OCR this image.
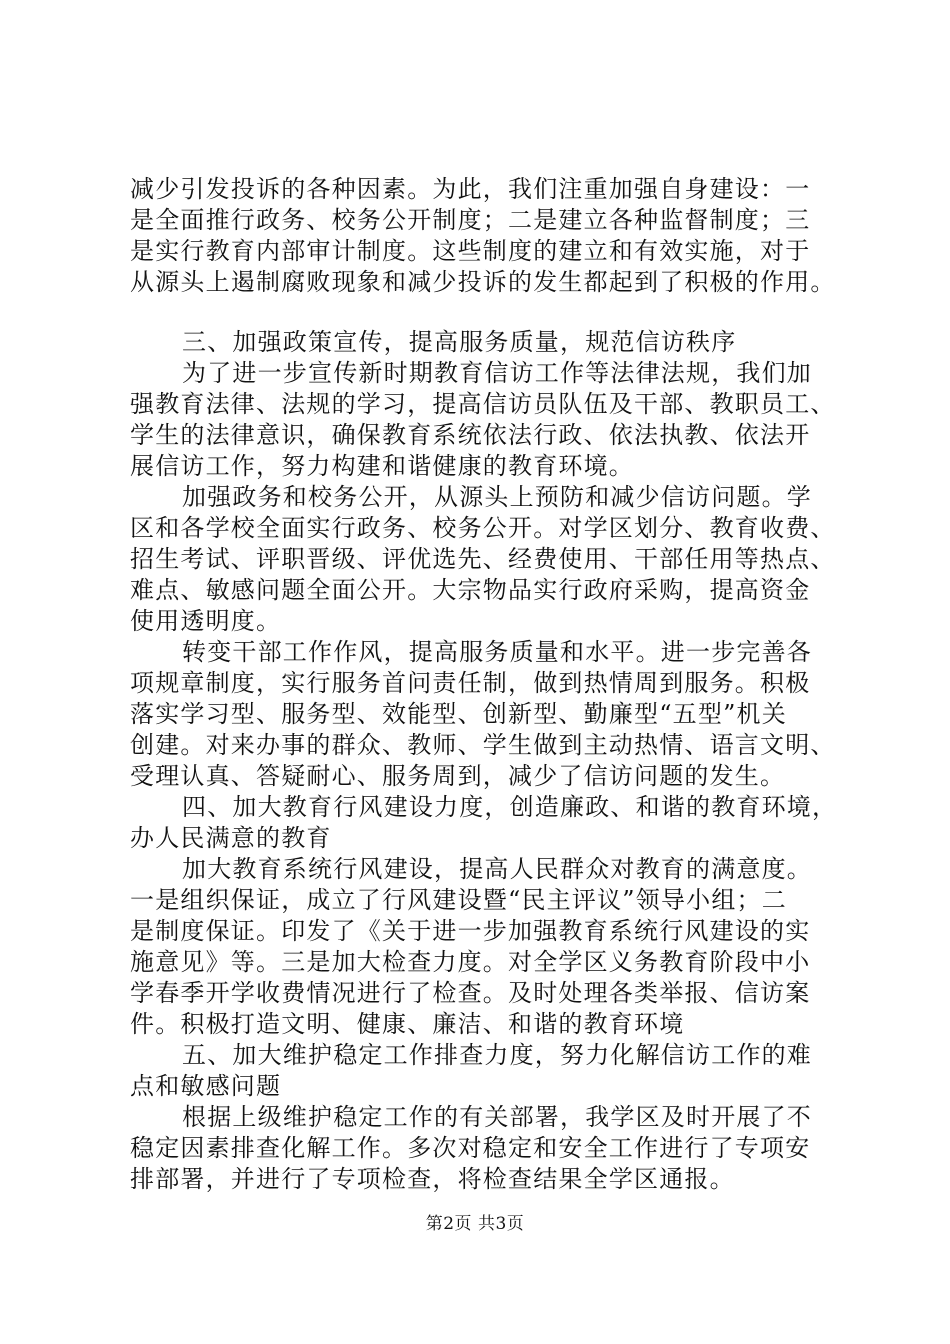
减少引发投诉的各种因素。为此，我们注重加强自身建设：一
是全面推行政务、校务公开制度；二是建立各种监督制度；三
是实行教育内部审计制度。这些制度的建立和有效实施，对于
从源头上遏制腐败现象和减少投诉的发生都起到了积极的作用。
三、加强政策宣传，提高服务质量，规范信访秩序
为了进一步宣传新时期教育信访工作等法律法规，我们加
强教育法律、法规的学习，提高信访员队伍及干部、教职员工、
学生的法律意识，确保教育系统依法行政、依法执教、依法开
展信访工作，努力构建和谐健康的教育环境。
加强政务和校务公开，从源头上预防和减少信访问题。学
区和各学校全面实行政务、校务公开。对学区划分、教育收费、
招生考试、评职晋级、评优选先、经费使用、干部任用等热点、
难点、敏感问题全面公开。大宗物品实行政府采购，提高资金
使用透明度。
转变干部工作作风，提高服务质量和水平。进一步完善各
项规章制度，实行服务首问责任制，做到热情周到服务。积极
落实学习型、服务型、效能型、创新型、勤廉型“五型”机关
创建。对来办事的群众、教师、学生做到主动热情、语言文明、
受理认真、答疑耐心、服务周到，减少了信访问题的发生。
四、加大教育行风建设力度，创造廉政、和谐的教育环境，
办人民满意的教育
加大教育系统行风建设，提高人民群众对教育的满意度。
一是组织保证，成立了行风建设暨“民主评议”领导小组；二
是制度保证。印发了《关于进一步加强教育系统行风建设的实
施意见》等。三是加大检查力度。对全学区义务教育阶段中小
学春季开学收费情况进行了检查。及时处理各类举报、信访案
件。积极打造文明、健康、廉洁、和谐的教育环境
五、加大维护稳定工作排查力度，努力化解信访工作的难
点和敏感问题
根据上级维护稳定工作的有关部署，我学区及时开展了不
稳定因素排查化解工作。多次对稳定和安全工作进行了专项安
排部署，并进行了专项检查，将检查结果全学区通报。
第2页 共3页
